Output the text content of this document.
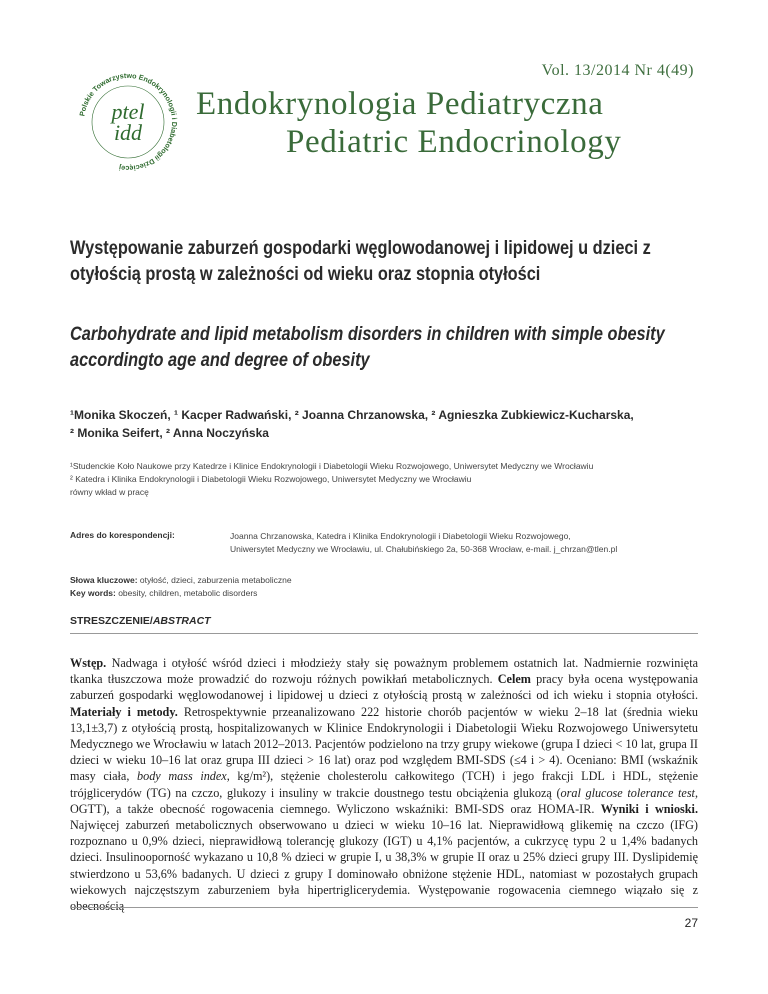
Vol. 13/2014 Nr 4(49)
Polskie Towarzystwo Endokrynologii i Diabetologii Dziecięcej
ptel
idd
Endokrynologia Pediatryczna
Pediatric Endocrinology
Występowanie zaburzeń gospodarki węglowodanowej i lipidowej u dzieci z otyłością prostą w zależności od wieku oraz stopnia otyłości
Carbohydrate and lipid metabolism disorders in children with simple obesity accordingto age and degree of obesity
¹Monika Skoczeń, ¹ Kacper Radwański, ² Joanna Chrzanowska, ² Agnieszka Zubkiewicz-Kucharska,
² Monika Seifert, ² Anna Noczyńska
¹Studenckie Koło Naukowe przy Katedrze i Klinice Endokrynologii i Diabetologii Wieku Rozwojowego, Uniwersytet Medyczny we Wrocławiu
² Katedra i Klinika Endokrynologii i Diabetologii Wieku Rozwojowego, Uniwersytet Medyczny we Wrocławiu
równy wkład w pracę
Adres do korespondencji:	Joanna Chrzanowska, Katedra i Klinika Endokrynologii i Diabetologii Wieku Rozwojowego,
Uniwersytet Medyczny we Wrocławiu, ul. Chałubińskiego 2a, 50-368 Wrocław, e-mail. j_chrzan@tlen.pl
Słowa kluczowe: otyłość, dzieci, zaburzenia metaboliczne
Key words: obesity, children, metabolic disorders
STRESZCZENIE/ABSTRACT
Wstęp. Nadwaga i otyłość wśród dzieci i młodzieży stały się poważnym problemem ostatnich lat. Nadmiernie rozwinięta tkanka tłuszczowa może prowadzić do rozwoju różnych powikłań metabolicznych. Celem pracy była ocena występowania zaburzeń gospodarki węglowodanowej i lipidowej u dzieci z otyłością prostą w zależności od ich wieku i stopnia otyłości. Materiały i metody. Retrospektywnie przeanalizowano 222 historie chorób pacjentów w wieku 2–18 lat (średnia wieku 13,1±3,7) z otyłością prostą, hospitalizowanych w Klinice Endokrynologii i Diabetologii Wieku Rozwojowego Uniwersytetu Medycznego we Wrocławiu w latach 2012–2013. Pacjentów podzielono na trzy grupy wiekowe (grupa I dzieci < 10 lat, grupa II dzieci w wieku 10–16 lat oraz grupa III dzieci > 16 lat) oraz pod względem BMI-SDS (≤4 i > 4). Oceniano: BMI (wskaźnik masy ciała, body mass index, kg/m²), stężenie cholesterolu całkowitego (TCH) i jego frakcji LDL i HDL, stężenie trójglicerydów (TG) na czczo, glukozy i insuliny w trakcie doustnego testu obciążenia glukozą (oral glucose tolerance test, OGTT), a także obecność rogowacenia ciemnego. Wyliczono wskaźniki: BMI-SDS oraz HOMA-IR. Wyniki i wnioski. Najwięcej zaburzeń metabolicznych obserwowano u dzieci w wieku 10–16 lat. Nieprawidłową glikemię na czczo (IFG) rozpoznano u 0,9% dzieci, nieprawidłową tolerancję glukozy (IGT) u 4,1% pacjentów, a cukrzycę typu 2 u 1,4% badanych dzieci. Insulinooporność wykazano u 10,8 % dzieci w grupie I, u 38,3% w grupie II oraz u 25% dzieci grupy III. Dyslipidemię stwierdzono u 53,6% badanych. U dzieci z grupy I dominowało obniżone stężenie HDL, natomiast w pozostałych grupach wiekowych najczęstszym zaburzeniem była hipertriglicerydemia. Występowanie rogowacenia ciemnego wiązało się z obecnością
27
